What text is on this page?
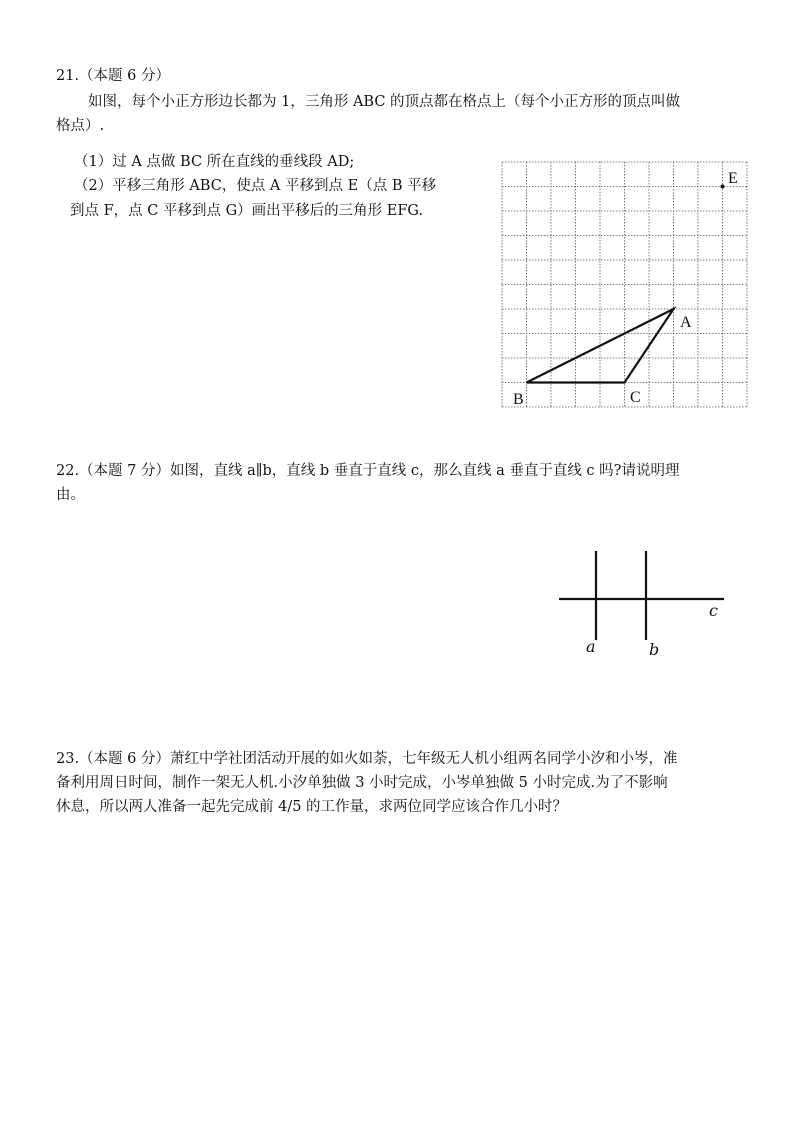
21.（本题 6 分）
如图，每个小正方形边长都为 1，三角形 ABC 的顶点都在格点上（每个小正方形的顶点叫做
格点）.
（1）过 A 点做 BC 所在直线的垂线段 AD;
（2）平移三角形 ABC，使点 A 平移到点 E（点 B 平移
到点 F，点 C 平移到点 G）画出平移后的三角形 EFG.
E
A
B	C
22.（本题 7 分）如图，直线 a∥b，直线 b 垂直于直线 c，那么直线 a 垂直于直线 c 吗?请说明理
由。
a	b
c
23.（本题 6 分）萧红中学社团活动开展的如火如荼，七年级无人机小组两名同学小汐和小岑，准
备利用周日时间，制作一架无人机.小汐单独做 3 小时完成，小岑单独做 5 小时完成.为了不影响
休息，所以两人准备一起先完成前 4/5 的工作量，求两位同学应该合作几小时？
